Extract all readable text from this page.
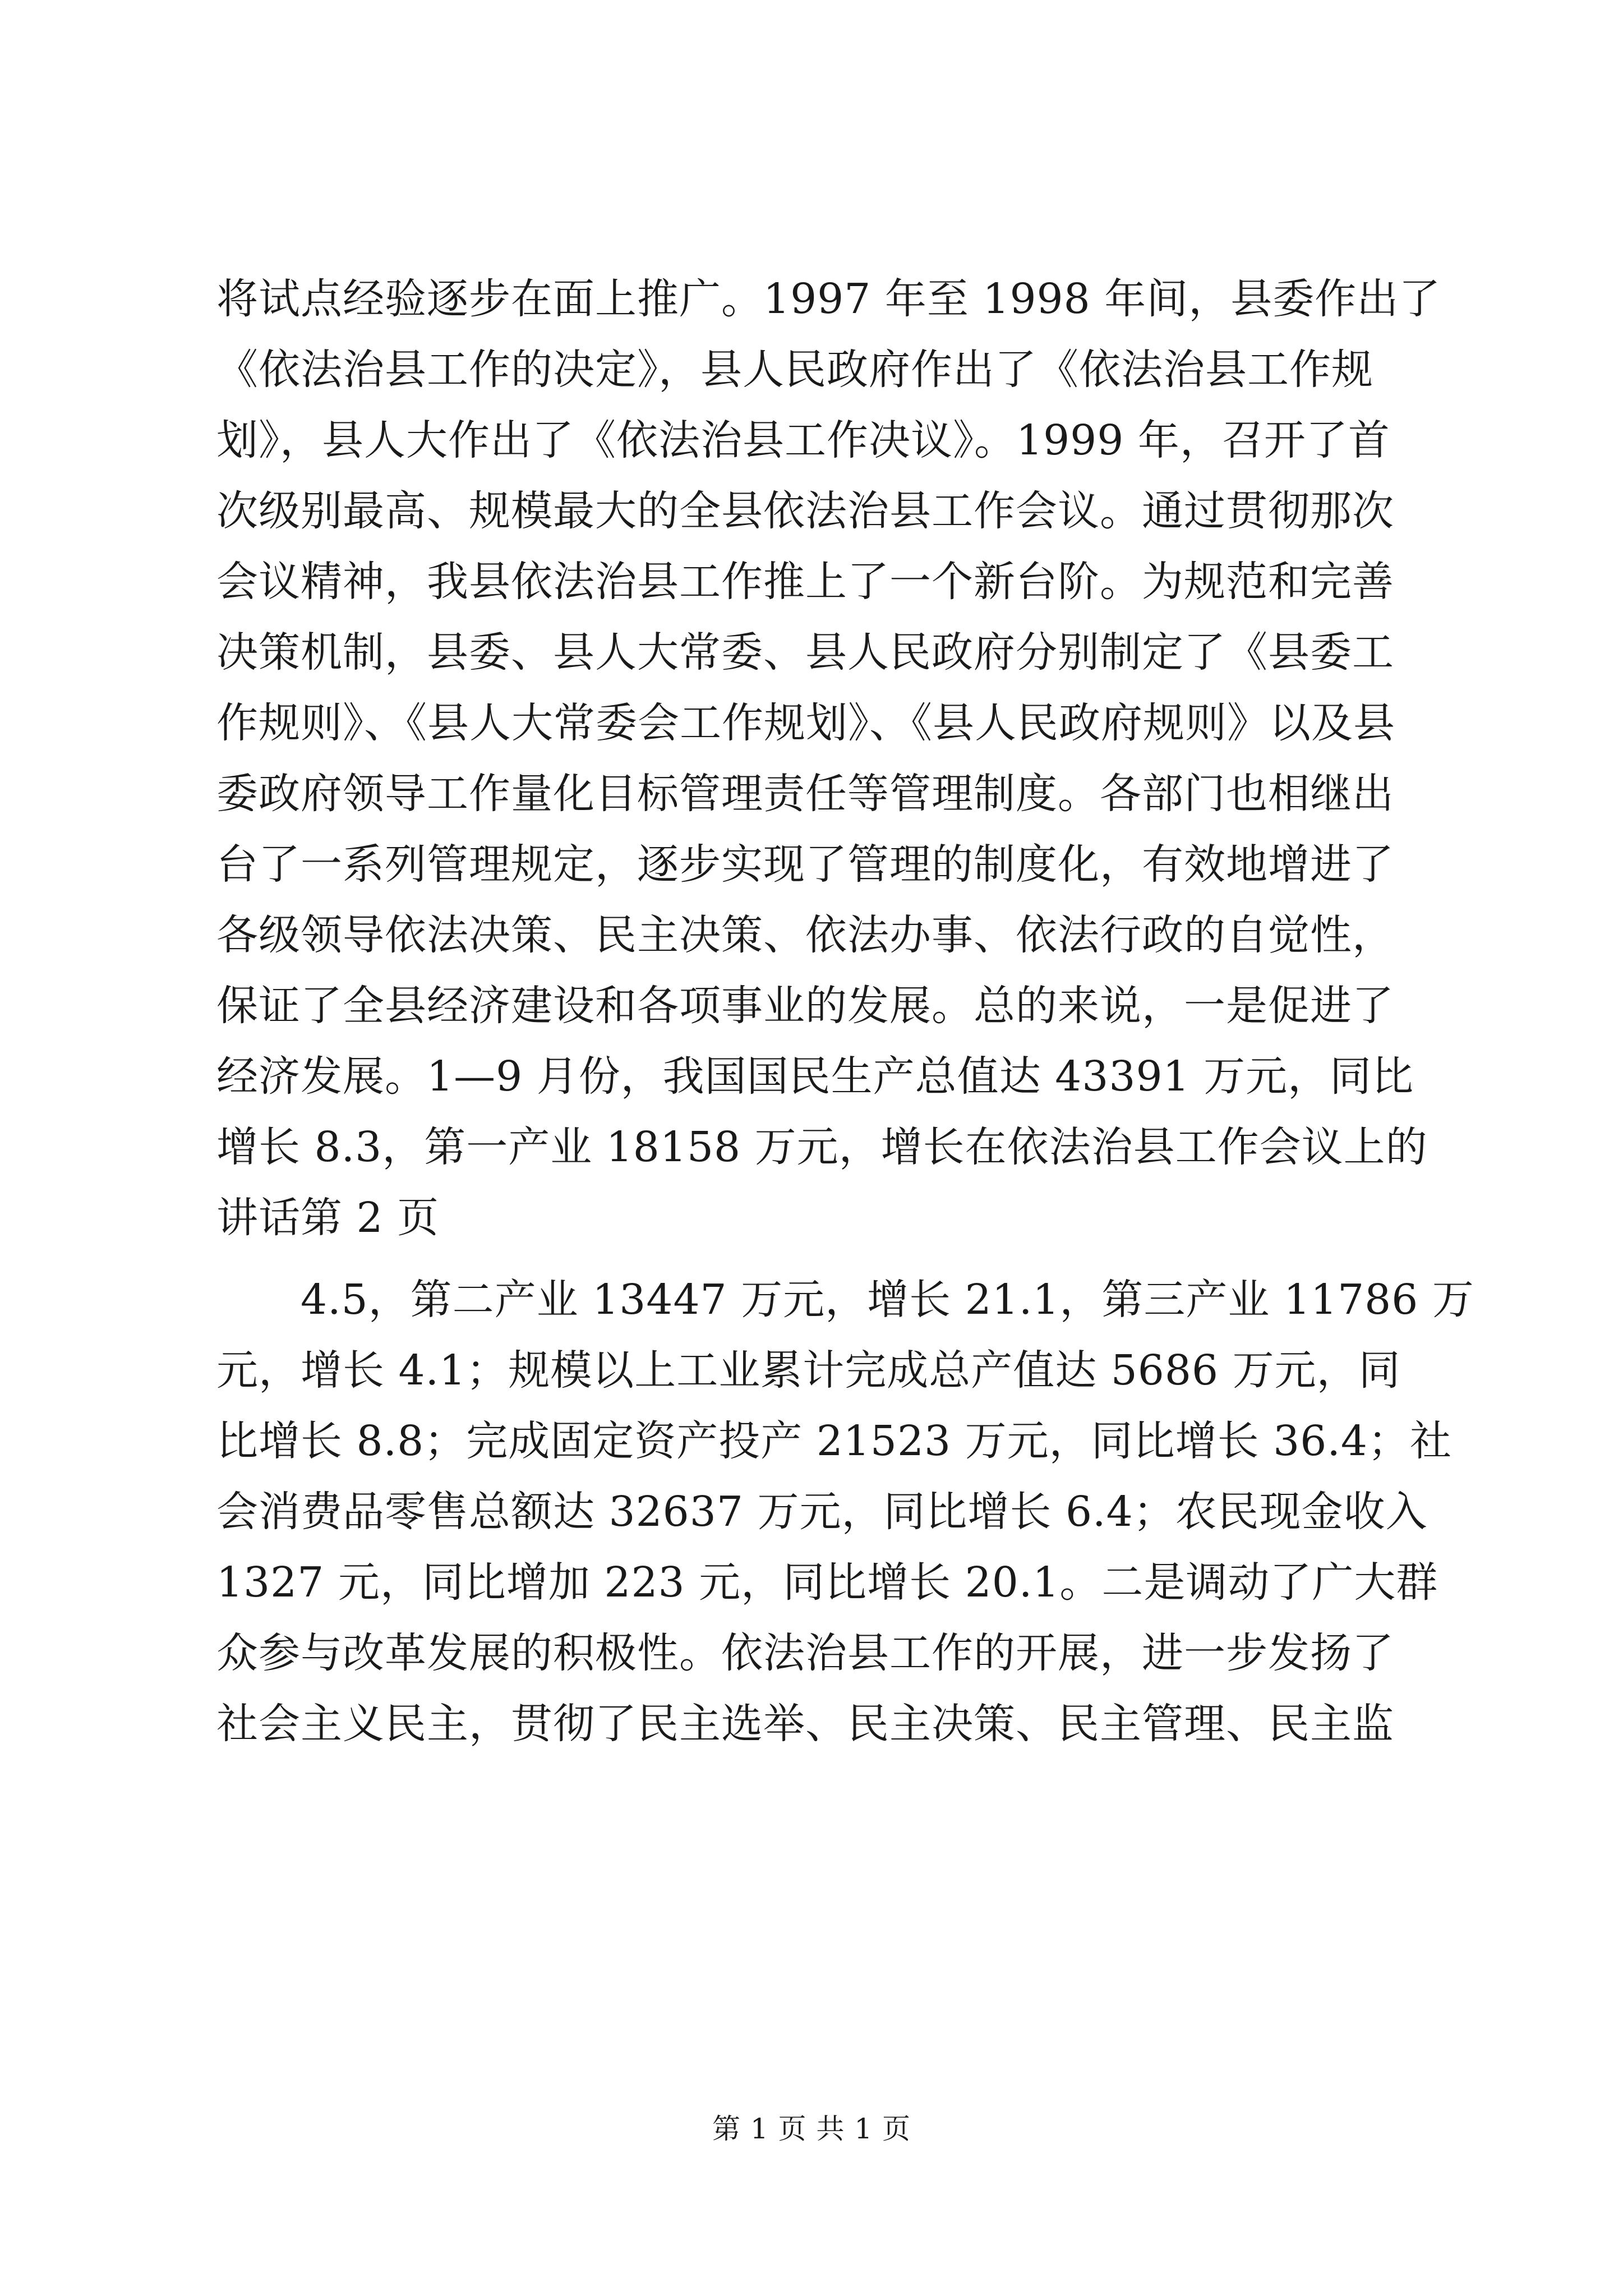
将试点经验逐步在面上推广。1997 年至 1998 年间，县委作出了
《依法治县工作的决定》，县人民政府作出了《依法治县工作规
划》，县人大作出了《依法治县工作决议》。1999 年，召开了首
次级别最高、规模最大的全县依法治县工作会议。通过贯彻那次
会议精神，我县依法治县工作推上了一个新台阶。为规范和完善
决策机制，县委、县人大常委、县人民政府分别制定了《县委工
作规则》、《县人大常委会工作规划》、《县人民政府规则》以及县
委政府领导工作量化目标管理责任等管理制度。各部门也相继出
台了一系列管理规定，逐步实现了管理的制度化，有效地增进了
各级领导依法决策、民主决策、依法办事、依法行政的自觉性，
保证了全县经济建设和各项事业的发展。总的来说，一是促进了
经济发展。1—9 月份，我国国民生产总值达 43391 万元，同比
增长 8.3，第一产业 18158 万元，增长在依法治县工作会议上的
讲话第 2 页
4.5，第二产业 13447 万元，增长 21.1，第三产业 11786 万
元，增长 4.1；规模以上工业累计完成总产值达 5686 万元，同
比增长 8.8；完成固定资产投产 21523 万元，同比增长 36.4；社
会消费品零售总额达 32637 万元，同比增长 6.4；农民现金收入
1327 元，同比增加 223 元，同比增长 20.1。二是调动了广大群
众参与改革发展的积极性。依法治县工作的开展，进一步发扬了
社会主义民主，贯彻了民主选举、民主决策、民主管理、民主监
第 1 页 共 1 页
